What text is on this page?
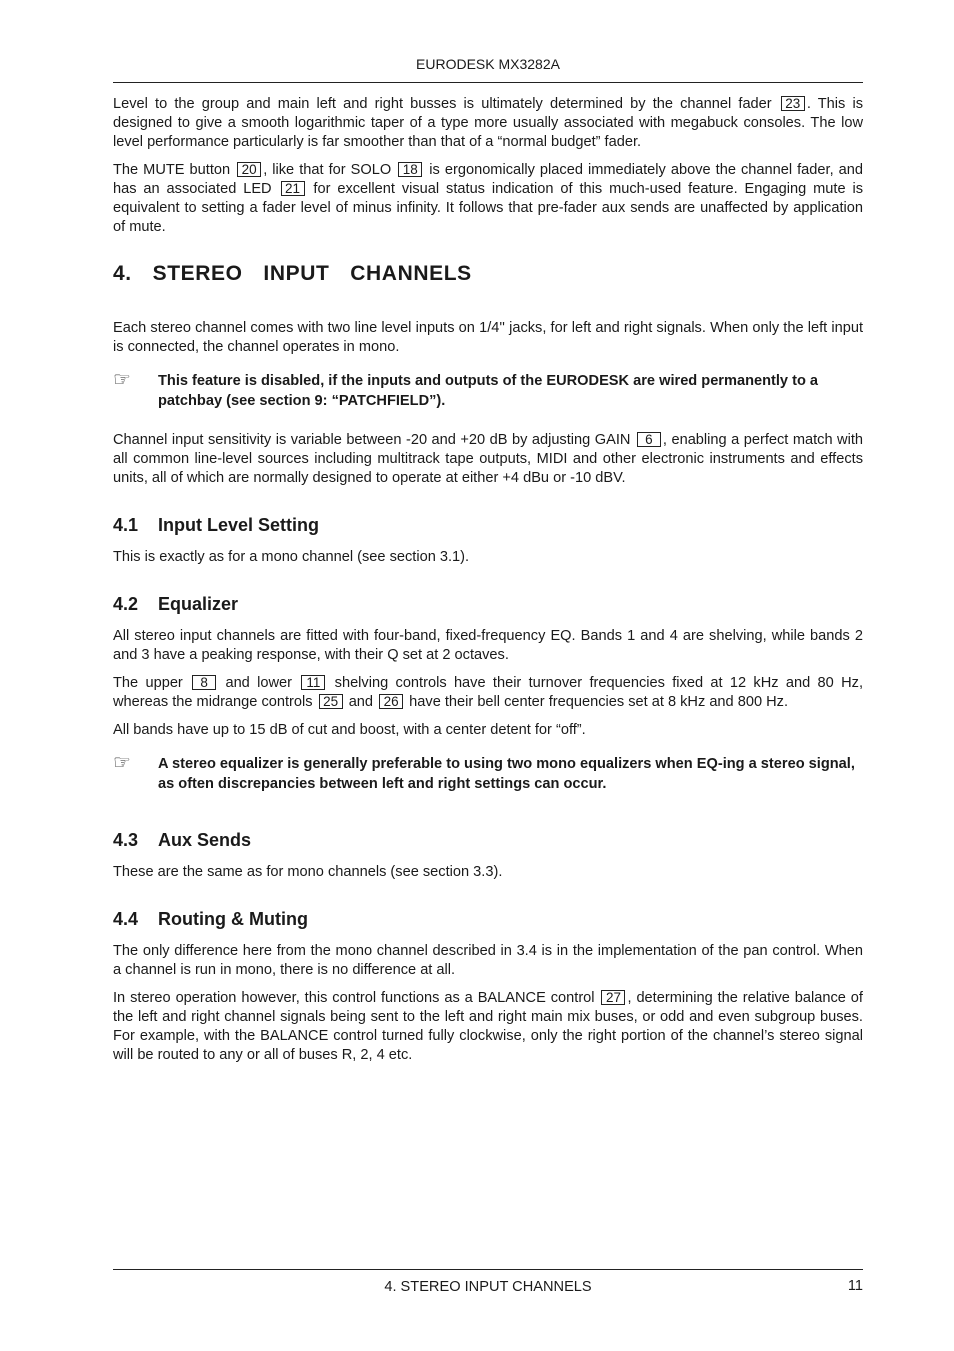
EURODESK MX3282A

Level to the group and main left and right busses is ultimately determined by the channel fader 23 . This is designed to give a smooth logarithmic taper of a type more usually associated with megabuck consoles. The low level performance particularly is far smoother than that of a “normal budget” fader.

The MUTE button 20 , like that for SOLO 18 is ergonomically placed immediately above the channel fader, and has an associated LED 21 for excellent visual status indication of this much-used feature. Engaging mute is equivalent to setting a fader level of minus infinity. It follows that pre-fader aux sends are unaffected by application of mute.

4.  STEREO  INPUT  CHANNELS

Each stereo channel comes with two line level inputs on 1/4'' jacks, for left and right signals. When only the left input is connected, the channel operates in mono.

☞	This feature is disabled, if the inputs and outputs of the EURODESK are wired permanently to a patchbay (see section 9: “PATCHFIELD”).

Channel input sensitivity is variable between -20 and +20 dB by adjusting GAIN 6 , enabling a perfect match with all common line-level sources including multitrack tape outputs, MIDI and other electronic instruments and effects units, all of which are normally designed to operate at either +4 dBu or -10 dBV.

4.1 Input Level Setting

This is exactly as for a mono channel (see section 3.1).

4.2 Equalizer

All stereo input channels are fitted with four-band, fixed-frequency EQ. Bands 1 and 4 are shelving, while bands 2 and 3 have a peaking response, with their Q set at 2 octaves.

The upper 8 and lower 11 shelving controls have their turnover frequencies fixed at 12 kHz and 80 Hz, whereas the midrange controls 25 and 26 have their bell center frequencies set at 8 kHz and 800 Hz.

All bands have up to 15 dB of cut and boost, with a center detent for “off”.

☞	A stereo equalizer is generally preferable to using two mono equalizers when EQ-ing a stereo signal, as often discrepancies between left and right settings can occur.
4.3 Aux Sends

These are the same as for mono channels (see section 3.3).

4.4 Routing & Muting

The only difference here from the mono channel described in 3.4 is in the implementation of the pan control. When a channel is run in mono, there is no difference at all.

In stereo operation however, this control functions as a BALANCE control 27 , determining the relative balance of the left and right channel signals being sent to the left and right main mix buses, or odd and even subgroup buses. For example, with the BALANCE control turned fully clockwise, only the right portion of the channel’s stereo signal will be routed to any or all of buses R, 2, 4 etc.

4. STEREO INPUT CHANNELS	11
